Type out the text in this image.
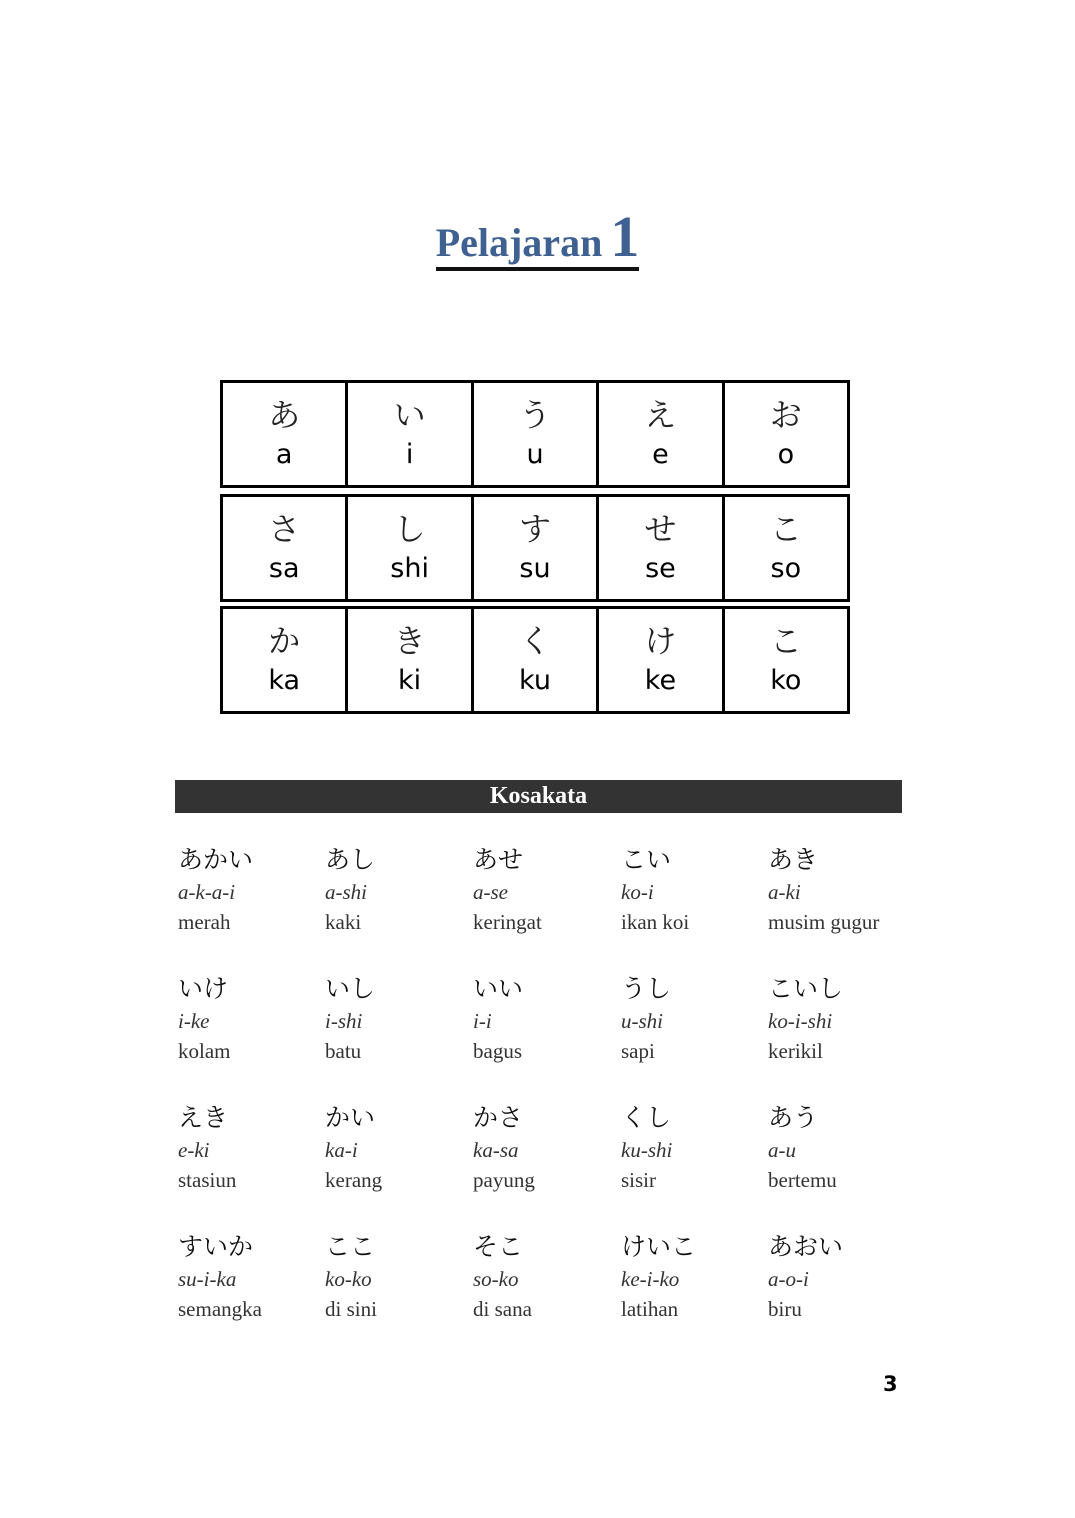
Pelajaran 1
あ
a
い
i
う
u
え
e
お
o
さ
sa
し
shi
す
su
せ
se
こ
so
か
ka
き
ki
く
ku
け
ke
こ
ko
Kosakata
あかい
a-k-a-i
merah
あし
a-shi
kaki
あせ
a-se
keringat
こい
ko-i
ikan koi
あき
a-ki
musim gugur
いけ
i-ke
kolam
いし
i-shi
batu
いい
i-i
bagus
うし
u-shi
sapi
こいし
ko-i-shi
kerikil
えき
e-ki
stasiun
かい
ka-i
kerang
かさ
ka-sa
payung
くし
ku-shi
sisir
あう
a-u
bertemu
すいか
su-i-ka
semangka
ここ
ko-ko
di sini
そこ
so-ko
di sana
けいこ
ke-i-ko
latihan
あおい
a-o-i
biru
3
